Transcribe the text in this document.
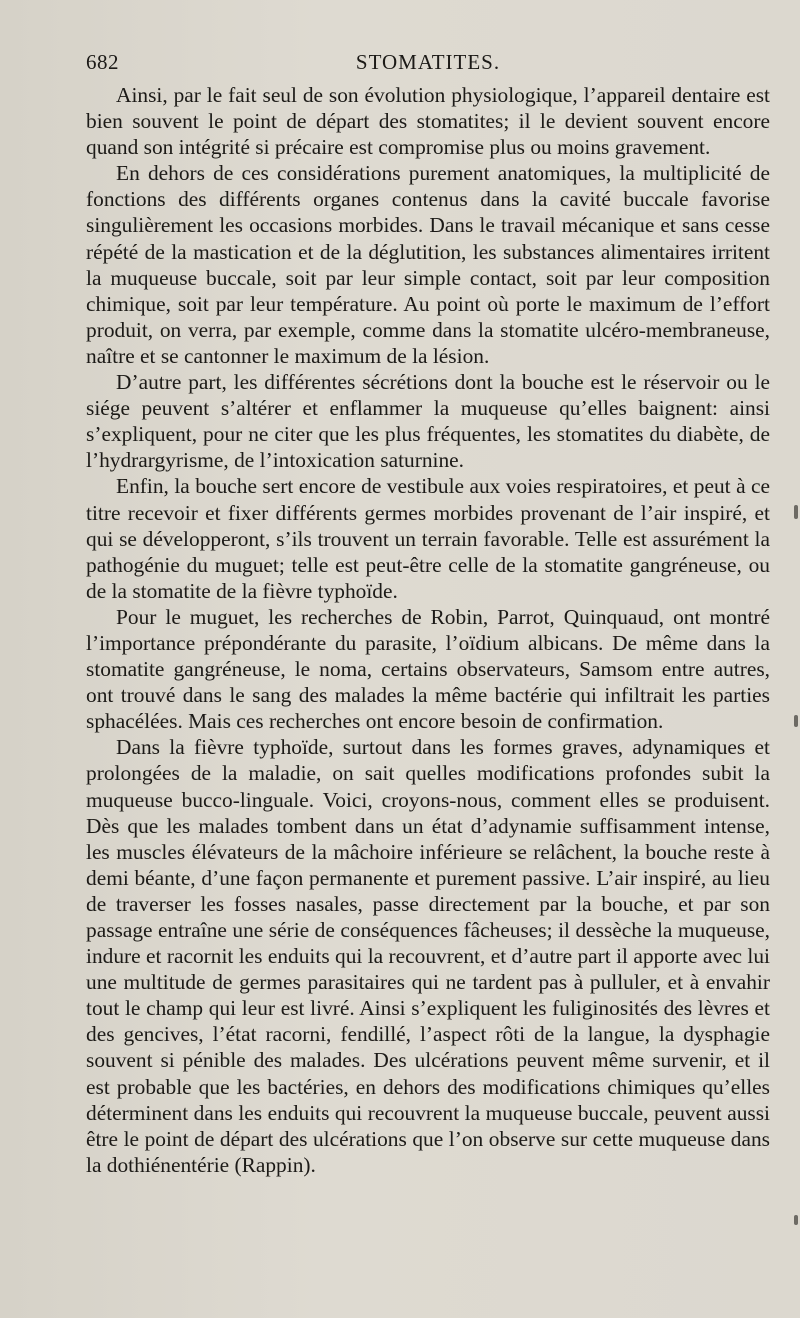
682	STOMATITES.

Ainsi, par le fait seul de son évolution physiologique, l’appareil dentaire est bien souvent le point de départ des stomatites; il le devient souvent encore quand son intégrité si précaire est compromise plus ou moins gravement.

En dehors de ces considérations purement anatomiques, la multiplicité de fonctions des différents organes contenus dans la cavité buccale favorise singulièrement les occasions morbides. Dans le travail mécanique et sans cesse répété de la mastication et de la déglutition, les substances alimentaires irritent la muqueuse buccale, soit par leur simple contact, soit par leur composition chimique, soit par leur température. Au point où porte le maximum de l’effort produit, on verra, par exemple, comme dans la stomatite ulcéro-membraneuse, naître et se cantonner le maximum de la lésion.

D’autre part, les différentes sécrétions dont la bouche est le réservoir ou le siége peuvent s’altérer et enflammer la muqueuse qu’elles baignent: ainsi s’expliquent, pour ne citer que les plus fréquentes, les stomatites du diabète, de l’hydrargyrisme, de l’intoxication saturnine.

Enfin, la bouche sert encore de vestibule aux voies respiratoires, et peut à ce titre recevoir et fixer différents germes morbides provenant de l’air inspiré, et qui se développeront, s’ils trouvent un terrain favorable. Telle est assurément la pathogénie du muguet; telle est peut-être celle de la stomatite gangréneuse, ou de la stomatite de la fièvre typhoïde.

Pour le muguet, les recherches de Robin, Parrot, Quinquaud, ont montré l’importance prépondérante du parasite, l’oïdium albicans. De même dans la stomatite gangréneuse, le noma, certains observateurs, Samsom entre autres, ont trouvé dans le sang des malades la même bactérie qui infiltrait les parties sphacélées. Mais ces recherches ont encore besoin de confirmation.

Dans la fièvre typhoïde, surtout dans les formes graves, adynamiques et prolongées de la maladie, on sait quelles modifications profondes subit la muqueuse bucco-linguale. Voici, croyons-nous, comment elles se produisent. Dès que les malades tombent dans un état d’adynamie suffisamment intense, les muscles élévateurs de la mâchoire inférieure se relâchent, la bouche reste à demi béante, d’une façon permanente et purement passive. L’air inspiré, au lieu de traverser les fosses nasales, passe directement par la bouche, et par son passage entraîne une série de conséquences fâcheuses; il dessèche la muqueuse, indure et racornit les enduits qui la recouvrent, et d’autre part il apporte avec lui une multitude de germes parasitaires qui ne tardent pas à pulluler, et à envahir tout le champ qui leur est livré. Ainsi s’expliquent les fuliginosités des lèvres et des gencives, l’état racorni, fendillé, l’aspect rôti de la langue, la dysphagie souvent si pénible des malades. Des ulcérations peuvent même survenir, et il est probable que les bactéries, en dehors des modifications chimiques qu’elles déterminent dans les enduits qui recouvrent la muqueuse buccale, peuvent aussi être le point de départ des ulcérations que l’on observe sur cette muqueuse dans la dothiénentérie (Rappin).
